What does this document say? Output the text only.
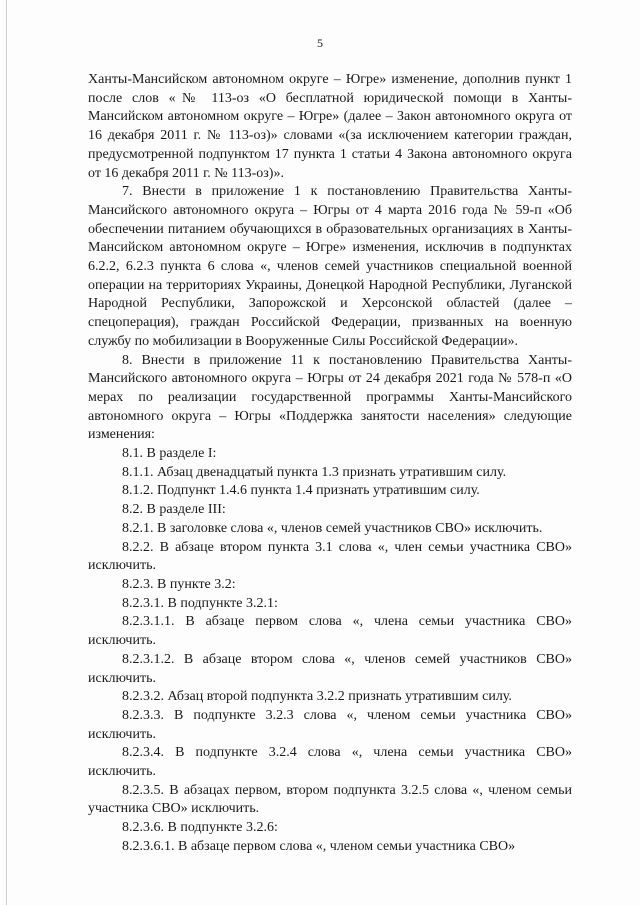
5

Ханты-Мансийском автономном округе – Югре» изменение, дополнив пункт 1 после слов «№ 113-оз «О бесплатной юридической помощи в Ханты-Мансийском автономном округе – Югре» (далее – Закон автономного округа от 16 декабря 2011 г. № 113-оз)» словами «(за исключением категории граждан, предусмотренной подпунктом 17 пункта 1 статьи 4 Закона автономного округа от 16 декабря 2011 г. № 113-оз)».

7. Внести в приложение 1 к постановлению Правительства Ханты-Мансийского автономного округа – Югры от 4 марта 2016 года № 59-п «Об обеспечении питанием обучающихся в образовательных организациях в Ханты-Мансийском автономном округе – Югре» изменения, исключив в подпунктах 6.2.2, 6.2.3 пункта 6 слова «, членов семей участников специальной военной операции на территориях Украины, Донецкой Народной Республики, Луганской Народной Республики, Запорожской и Херсонской областей (далее – спецоперация), граждан Российской Федерации, призванных на военную службу по мобилизации в Вооруженные Силы Российской Федерации».

8. Внести в приложение 11 к постановлению Правительства Ханты-Мансийского автономного округа – Югры от 24 декабря 2021 года № 578-п «О мерах по реализации государственной программы Ханты-Мансийского автономного округа – Югры «Поддержка занятости населения» следующие изменения:

8.1. В разделе I:

8.1.1. Абзац двенадцатый пункта 1.3 признать утратившим силу.

8.1.2. Подпункт 1.4.6 пункта 1.4 признать утратившим силу.

8.2. В разделе III:

8.2.1. В заголовке слова «, членов семей участников СВО» исключить.

8.2.2. В абзаце втором пункта 3.1 слова «, член семьи участника СВО» исключить.

8.2.3. В пункте 3.2:

8.2.3.1. В подпункте 3.2.1:

8.2.3.1.1. В абзаце первом слова «, члена семьи участника СВО» исключить.

8.2.3.1.2. В абзаце втором слова «, членов семей участников СВО» исключить.

8.2.3.2. Абзац второй подпункта 3.2.2 признать утратившим силу.

8.2.3.3. В подпункте 3.2.3 слова «, членом семьи участника СВО» исключить.

8.2.3.4. В подпункте 3.2.4 слова «, члена семьи участника СВО» исключить.

8.2.3.5. В абзацах первом, втором подпункта 3.2.5 слова «, членом семьи участника СВО» исключить.

8.2.3.6. В подпункте 3.2.6:

8.2.3.6.1. В абзаце первом слова «, членом семьи участника СВО»
